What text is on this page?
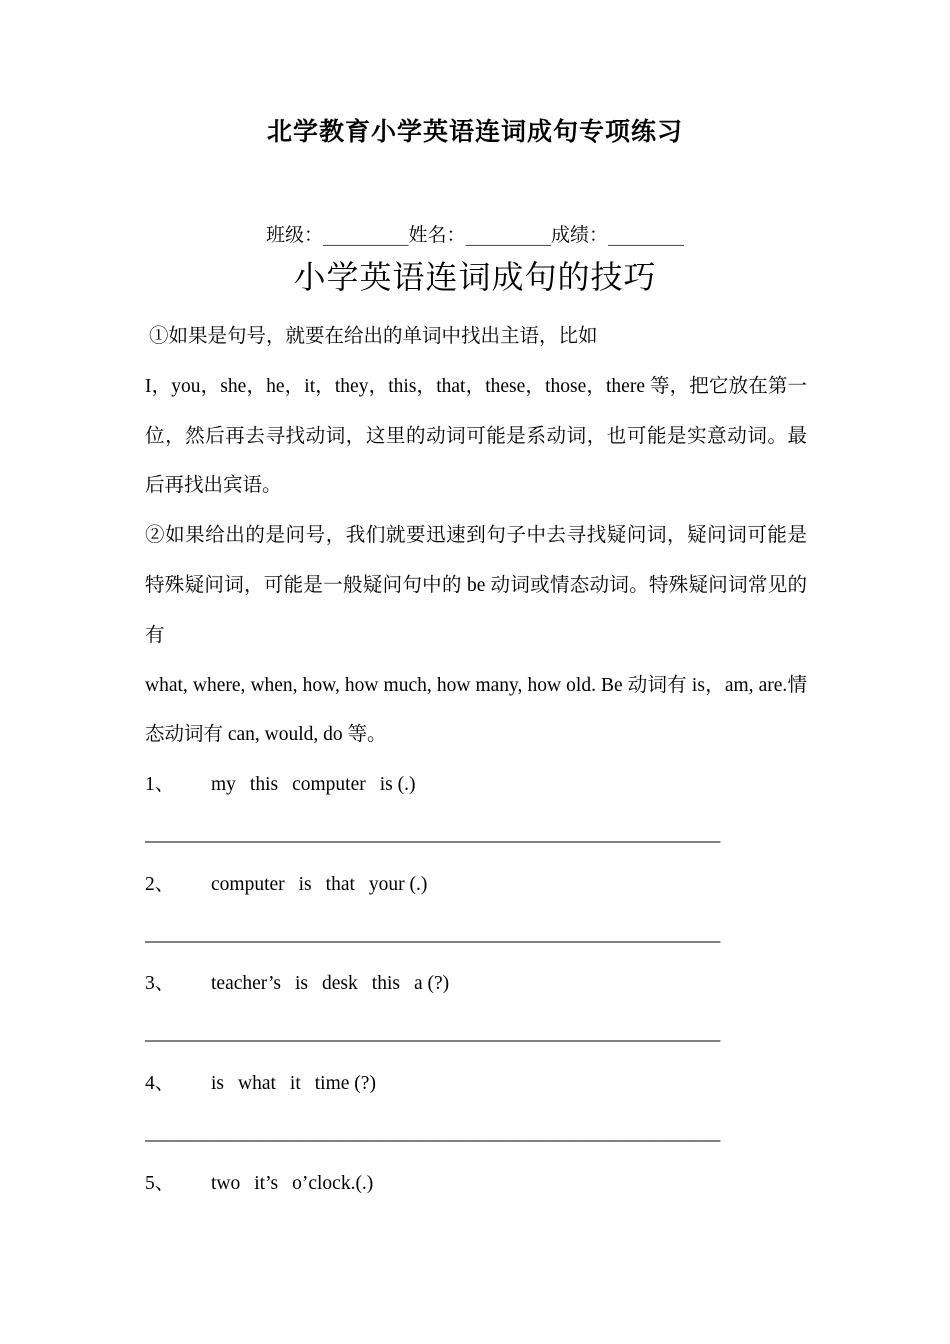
北学教育小学英语连词成句专项练习
班级：_________姓名：_________成绩：________
小学英语连词成句的技巧

①如果是句号，就要在给出的单词中找出主语，比如

I，you，she，he，it，they，this，that，these，those，there 等，把它放在第一位，然后再去寻找动词，这里的动词可能是系动词，也可能是实意动词。最后再找出宾语。

②如果给出的是问号，我们就要迅速到句子中去寻找疑问词，疑问词可能是特殊疑问词，可能是一般疑问句中的 be 动词或情态动词。特殊疑问词常见的有

what, where, when, how, how much, how many, how old. Be 动词有 is，am, are.情态动词有 can, would, do 等。

1、 my this computer is (.)
___________________________________________________________
2、 computer is that your (.)
___________________________________________________________
3、 teacher’s is desk this a (?)
___________________________________________________________
4、 is what it time (?)
___________________________________________________________
5、 two it’s o’clock.(.)
